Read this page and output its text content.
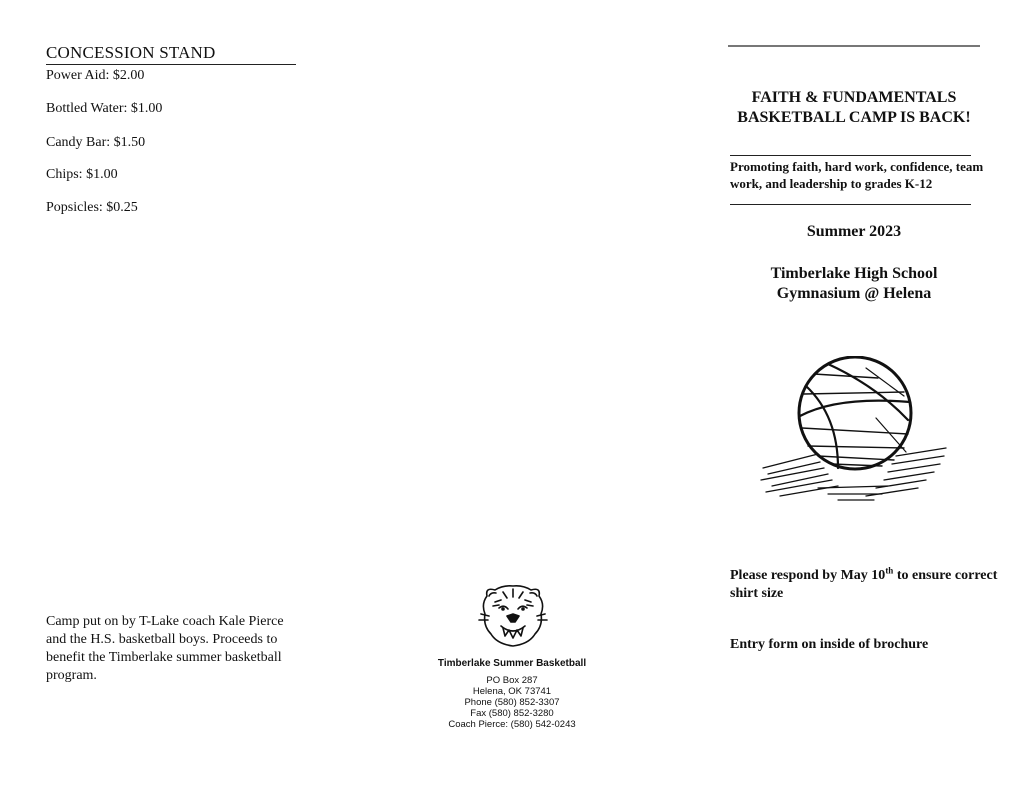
CONCESSION STAND
Power Aid: $2.00
Bottled Water: $1.00
Candy Bar: $1.50
Chips: $1.00
Popsicles: $0.25
Camp put on by T-Lake coach Kale Pierce and the H.S. basketball boys. Proceeds to benefit the Timberlake summer basketball program.
Timberlake Summer Basketball
PO Box 287
Helena, OK 73741
Phone (580) 852-3307
Fax (580) 852-3280
Coach Pierce: (580) 542-0243
FAITH & FUNDAMENTALS
BASKETBALL CAMP IS BACK!
Promoting faith, hard work, confidence, team work, and leadership to grades K-12
Summer 2023
Timberlake High School
Gymnasium @ Helena
Please respond by May 10th to ensure correct shirt size
Entry form on inside of brochure
